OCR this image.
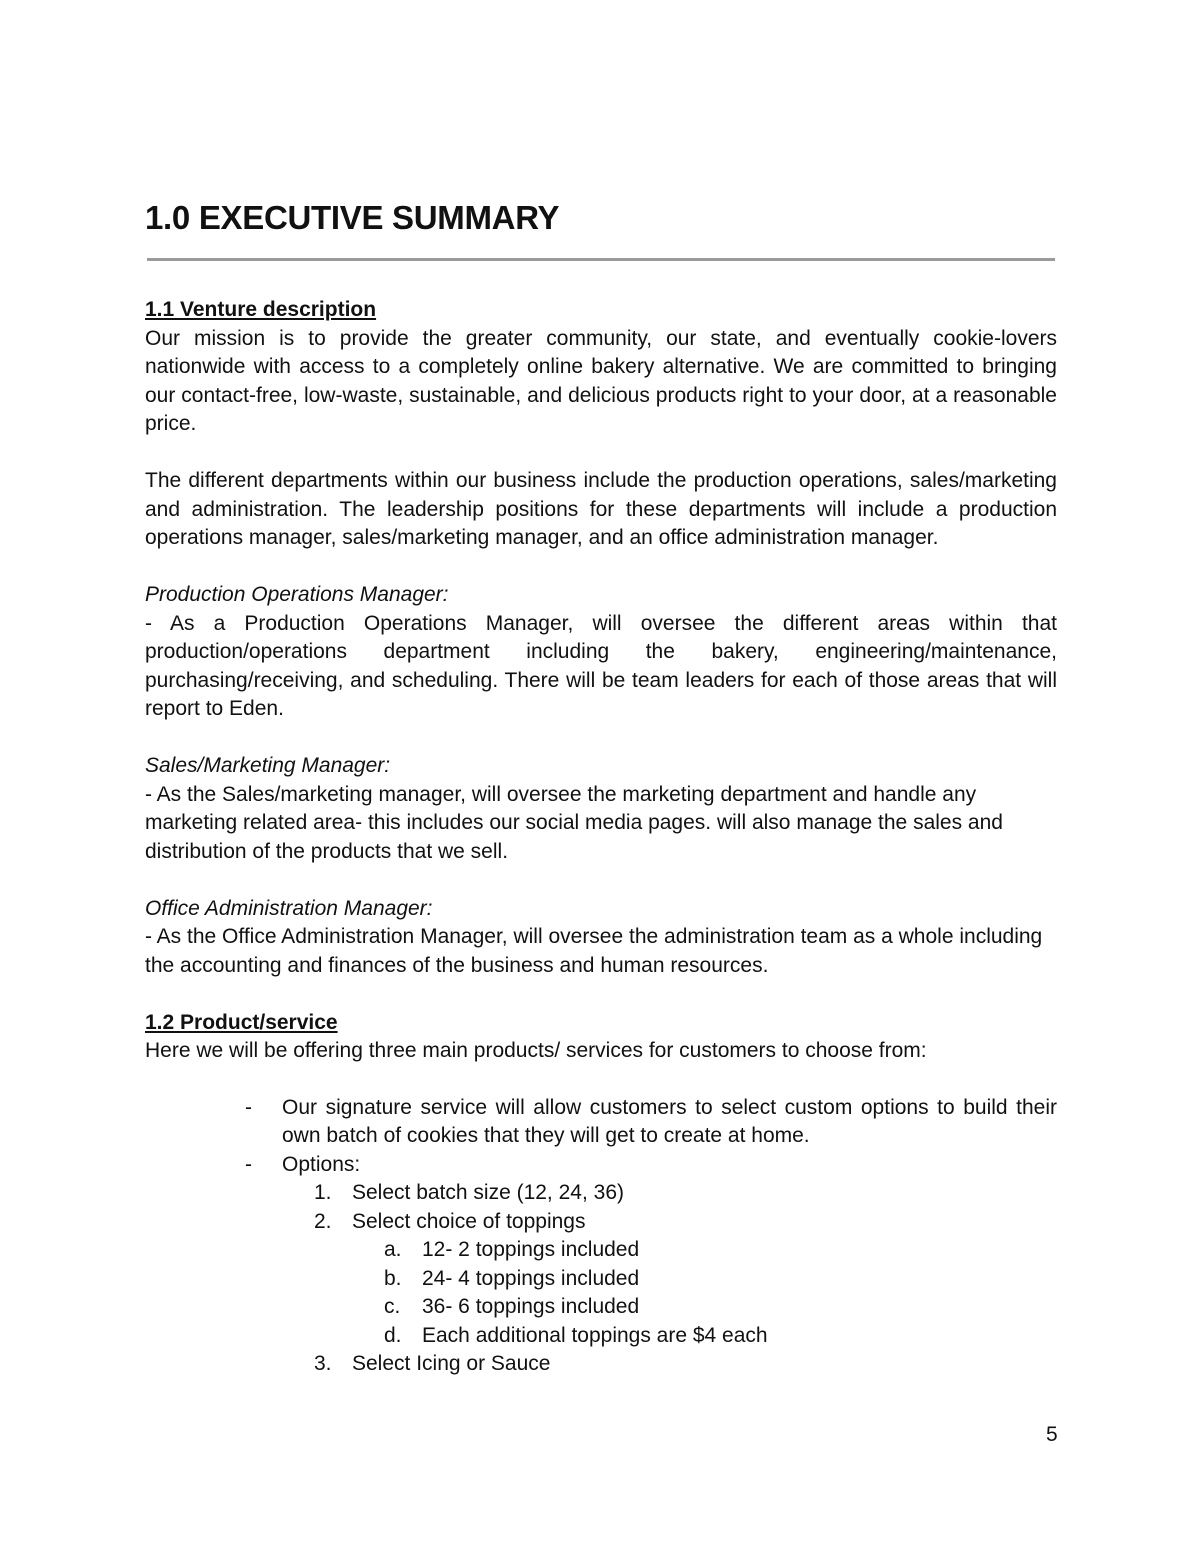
1.0 EXECUTIVE SUMMARY

1.1 Venture description

Our mission is to provide the greater community, our state, and eventually cookie-lovers nationwide with access to a completely online bakery alternative. We are committed to bringing our contact-free, low-waste, sustainable, and delicious products right to your door, at a reasonable price.

The different departments within our business include the production operations, sales/marketing and administration. The leadership positions for these departments will include a production operations manager, sales/marketing manager, and an office administration manager.

Production Operations Manager:

- As a Production Operations Manager, will oversee the different areas within that production/operations department including the bakery, engineering/maintenance, purchasing/receiving, and scheduling. There will be team leaders for each of those areas that will report to Eden.

Sales/Marketing Manager:

- As the Sales/marketing manager, will oversee the marketing department and handle any marketing related area- this includes our social media pages. will also manage the sales and distribution of the products that we sell.

Office Administration Manager:

- As the Office Administration Manager, will oversee the administration team as a whole including the accounting and finances of the business and human resources.

1.2 Product/service

Here we will be offering three main products/ services for customers to choose from:

- Our signature service will allow customers to select custom options to build their own batch of cookies that they will get to create at home.
- Options:
1. Select batch size (12, 24, 36)
2. Select choice of toppings
a. 12- 2 toppings included
b. 24- 4 toppings included
c. 36- 6 toppings included
d. Each additional toppings are $4 each
3. Select Icing or Sauce
5
